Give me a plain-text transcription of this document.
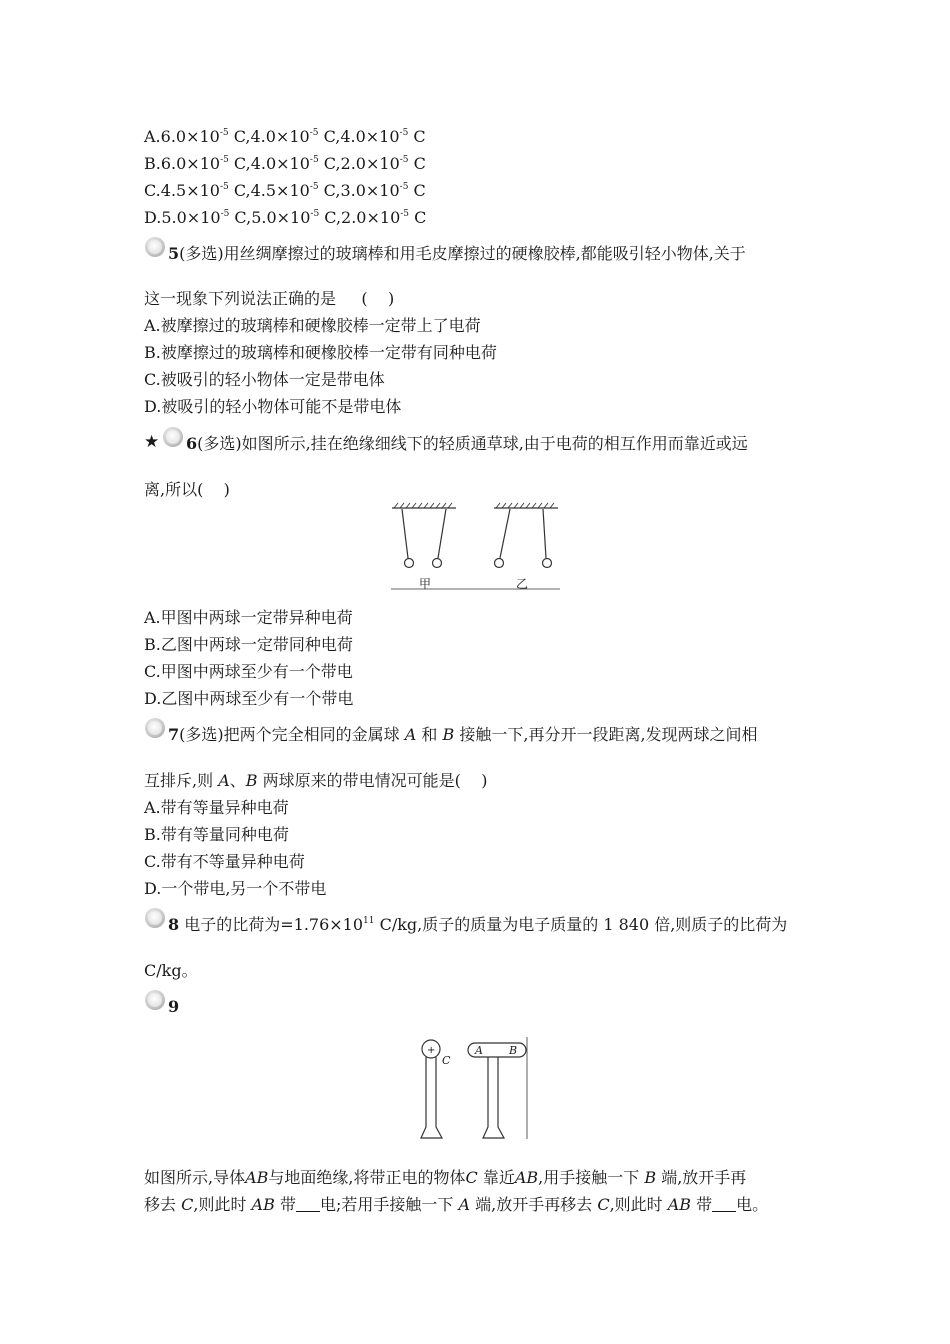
$A.6.0\times 10^{-5}$ $C,4.0\times 10^{-5}$ $C,4.0\times 10^{-5}$ C
$B.6.0\times 10^{-5}$ $C,4.0\times 10^{-5}$ $C,2.0\times 10^{-5}$ C
$C.4.5\times 10^{-5}$ $C,4.5\times 10^{-5}$ $C,3.0\times 10^{-5}$ C
$D.5.0\times 10^{-5}$ $C,5.0\times 10^{-5}$ $C,2.0\times 10^{-5}$ C
5(多选)用丝绸摩擦过的玻璃棒和用毛皮摩擦过的硬橡胶棒,都能吸引轻小物体,关于
这一现象下列说法正确的是     (    )
A.被摩擦过的玻璃棒和硬橡胶棒一定带上了电荷
B.被摩擦过的玻璃棒和硬橡胶棒一定带有同种电荷
C.被吸引的轻小物体一定是带电体
D.被吸引的轻小物体可能不是带电体
★ 6(多选)如图所示,挂在绝缘细线下的轻质通草球,由于电荷的相互作用而靠近或远
离,所以(    )
甲	乙
A.甲图中两球一定带异种电荷
B.乙图中两球一定带同种电荷
C.甲图中两球至少有一个带电
D.乙图中两球至少有一个带电
7(多选)把两个完全相同的金属球 A 和 B 接触一下,再分开一段距离,发现两球之间相
互排斥,则 A、B 两球原来的带电情况可能是(    )
A.带有等量异种电荷
B.带有等量同种电荷
C.带有不等量异种电荷
D.一个带电,另一个不带电
8 电子的比荷为$=1.76\times 10^{11}$ C/kg,质子的质量为电子质量的 1 840 倍,则质子的比荷为
C/kg。
9
+
C
A B
如图所示,导体AB与地面绝缘,将带正电的物体C 靠近AB,用手接触一下 B 端,放开手再
移去 C,则此时 AB 带 电;若用手接触一下 A 端,放开手再移去 C,则此时 AB 带 电。
